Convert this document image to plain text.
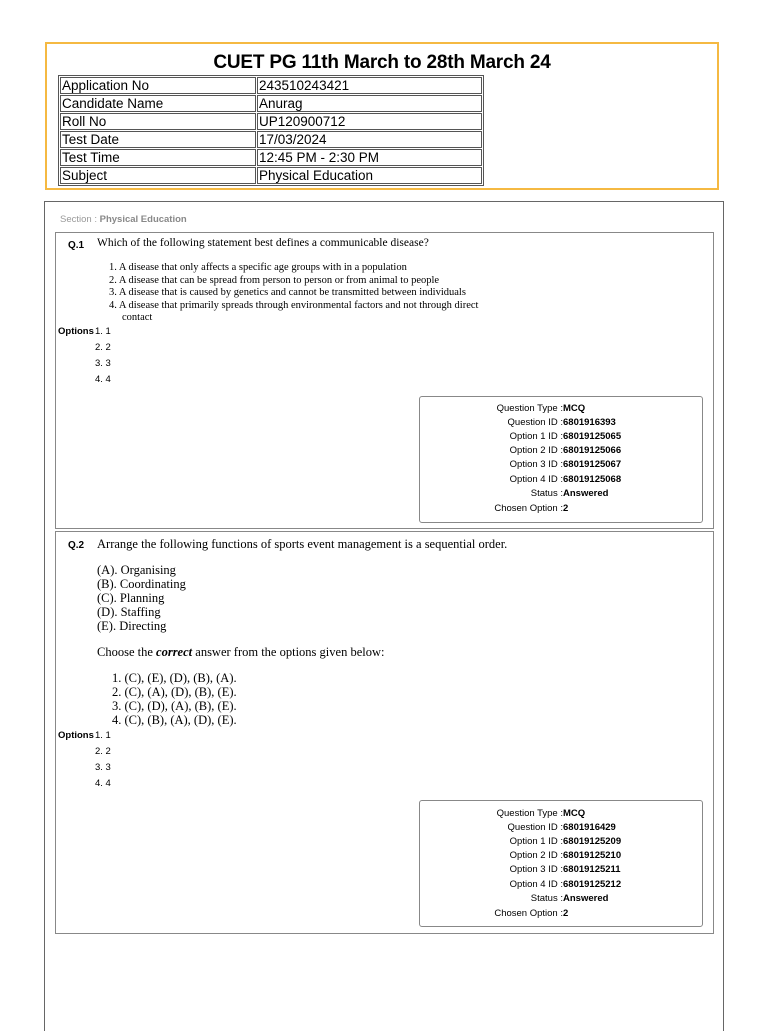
CUET PG 11th March to 28th March 24
Application No	243510243421
Candidate Name	Anurag
Roll No	UP120900712
Test Date	17/03/2024
Test Time	12:45 PM - 2:30 PM
Subject	Physical Education
Section : Physical Education
Q.1 Which of the following statement best defines a communicable disease?
1. A disease that only affects a specific age groups with in a population
2. A disease that can be spread from person to person or from animal to people
3. A disease that is caused by genetics and cannot be transmitted between individuals
4. A disease that primarily spreads through environmental factors and not through direct
contact
Options 1. 1
2. 2
3. 3
4. 4
Question Type : MCQ
Question ID : 6801916393
Option 1 ID : 68019125065
Option 2 ID : 68019125066
Option 3 ID : 68019125067
Option 4 ID : 68019125068
Status : Answered
Chosen Option : 2
Q.2 Arrange the following functions of sports event management is a sequential order.
(A). Organising
(B). Coordinating
(C). Planning
(D). Staffing
(E). Directing
Choose the correct answer from the options given below:
1. (C), (E), (D), (B), (A).
2. (C), (A), (D), (B), (E).
3. (C), (D), (A), (B), (E).
4. (C), (B), (A), (D), (E).
Options 1. 1
2. 2
3. 3
4. 4
Question Type : MCQ
Question ID : 6801916429
Option 1 ID : 68019125209
Option 2 ID : 68019125210
Option 3 ID : 68019125211
Option 4 ID : 68019125212
Status : Answered
Chosen Option : 2
